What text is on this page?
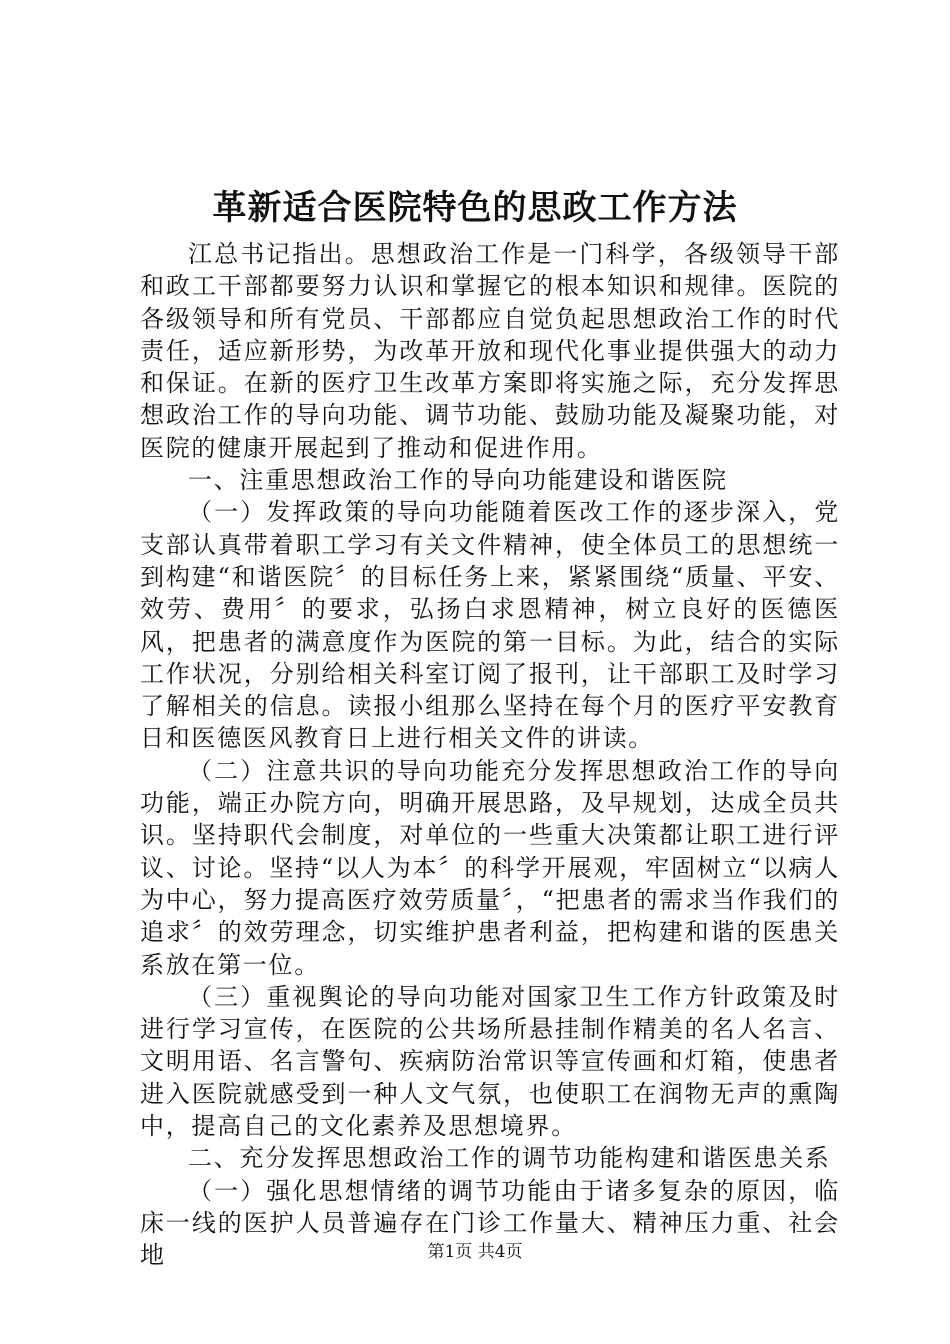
革新适合医院特色的思政工作方法

江总书记指出。思想政治工作是一门科学，各级领导干部和政工干部都要努力认识和掌握它的根本知识和规律。医院的各级领导和所有党员、干部都应自觉负起思想政治工作的时代责任，适应新形势，为改革开放和现代化事业提供强大的动力和保证。在新的医疗卫生改革方案即将实施之际，充分发挥思想政治工作的导向功能、调节功能、鼓励功能及凝聚功能，对医院的健康开展起到了推动和促进作用。

一、注重思想政治工作的导向功能建设和谐医院

（一）发挥政策的导向功能随着医改工作的逐步深入，党支部认真带着职工学习有关文件精神，使全体员工的思想统一到构建“和谐医院〞的目标任务上来，紧紧围绕“质量、平安、效劳、费用〞的要求，弘扬白求恩精神，树立良好的医德医风，把患者的满意度作为医院的第一目标。为此，结合的实际工作状况，分别给相关科室订阅了报刊，让干部职工及时学习了解相关的信息。读报小组那么坚持在每个月的医疗平安教育日和医德医风教育日上进行相关文件的讲读。

（二）注意共识的导向功能充分发挥思想政治工作的导向功能，端正办院方向，明确开展思路，及早规划，达成全员共识。坚持职代会制度，对单位的一些重大决策都让职工进行评议、讨论。坚持“以人为本〞的科学开展观，牢固树立“以病人为中心，努力提高医疗效劳质量〞，“把患者的需求当作我们的追求〞的效劳理念，切实维护患者利益，把构建和谐的医患关系放在第一位。

（三）重视舆论的导向功能对国家卫生工作方针政策及时进行学习宣传，在医院的公共场所悬挂制作精美的名人名言、文明用语、名言警句、疾病防治常识等宣传画和灯箱，使患者进入医院就感受到一种人文气氛，也使职工在润物无声的熏陶中，提高自己的文化素养及思想境界。

二、充分发挥思想政治工作的调节功能构建和谐医患关系

（一）强化思想情绪的调节功能由于诸多复杂的原因，临床一线的医护人员普遍存在门诊工作量大、精神压力重、社会地	第1页 共4页
